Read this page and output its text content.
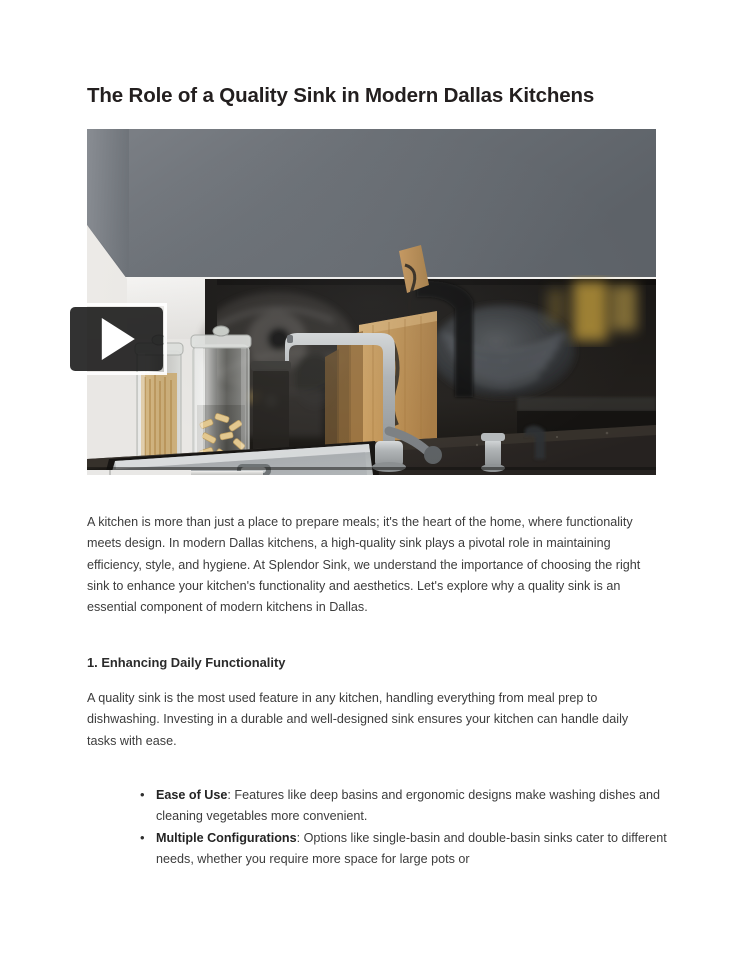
The Role of a Quality Sink in Modern Dallas Kitchens

A kitchen is more than just a place to prepare meals; it's the heart of the home, where functionality meets design. In modern Dallas kitchens, a high-quality sink plays a pivotal role in maintaining efficiency, style, and hygiene. At Splendor Sink, we understand the importance of choosing the right sink to enhance your kitchen's functionality and aesthetics. Let's explore why a quality sink is an essential component of modern kitchens in Dallas.

1. Enhancing Daily Functionality

A quality sink is the most used feature in any kitchen, handling everything from meal prep to dishwashing. Investing in a durable and well-designed sink ensures your kitchen can handle daily tasks with ease.

• Ease of Use: Features like deep basins and ergonomic designs make washing dishes and cleaning vegetables more convenient.
• Multiple Configurations: Options like single-basin and double-basin sinks cater to different needs, whether you require more space for large pots or
